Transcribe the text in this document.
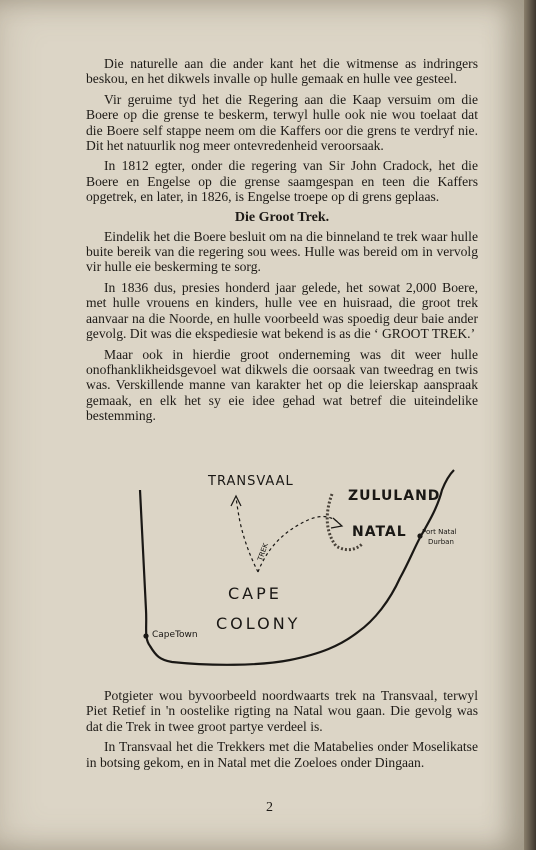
Die naturelle aan die ander kant het die witmense as indringers beskou, en het dikwels invalle op hulle gemaak en hulle vee gesteel.

Vir geruime tyd het die Regering aan die Kaap versuim om die Boere op die grense te beskerm, terwyl hulle ook nie wou toelaat dat die Boere self stappe neem om die Kaffers oor die grens te verdryf nie. Dit het natuurlik nog meer ontevredenheid veroorsaak.

In 1812 egter, onder die regering van Sir John Cradock, het die Boere en Engelse op die grense saamgespan en teen die Kaffers opgetrek, en later, in 1826, is Engelse troepe op di grens geplaas.

Die Groot Trek.

Eindelik het die Boere besluit om na die binneland te trek waar hulle buite bereik van die regering sou wees. Hulle was bereid om in vervolg vir hulle eie beskerming te sorg.

In 1836 dus, presies honderd jaar gelede, het sowat 2,000 Boere, met hulle vrouens en kinders, hulle vee en huisraad, die groot trek aanvaar na die Noorde, en hulle voorbeeld was spoedig deur baie ander gevolg. Dit was die ekspediesie wat bekend is as die ‘ GROOT TREK.’

Maar ook in hierdie groot onderneming was dit weer hulle onofhanklikheidsgevoel wat dikwels die oorsaak van tweedrag en twis was. Verskillende manne van karakter het op die leierskap aanspraak gemaak, en elk het sy eie idee gehad wat betref die uiteindelike bestemming.

TRANSVAAL
ZULULAND
NATAL Port Natal
Durban
TREK
CAPE
COLONY
CapeTown

Potgieter wou byvoorbeeld noordwaarts trek na Transvaal, terwyl Piet Retief in 'n oostelike rigting na Natal wou gaan. Die gevolg was dat die Trek in twee groot partye verdeel is.

In Transvaal het die Trekkers met die Matabelies onder Moselikatse in botsing gekom, en in Natal met die Zoeloes onder Dingaan.

2
